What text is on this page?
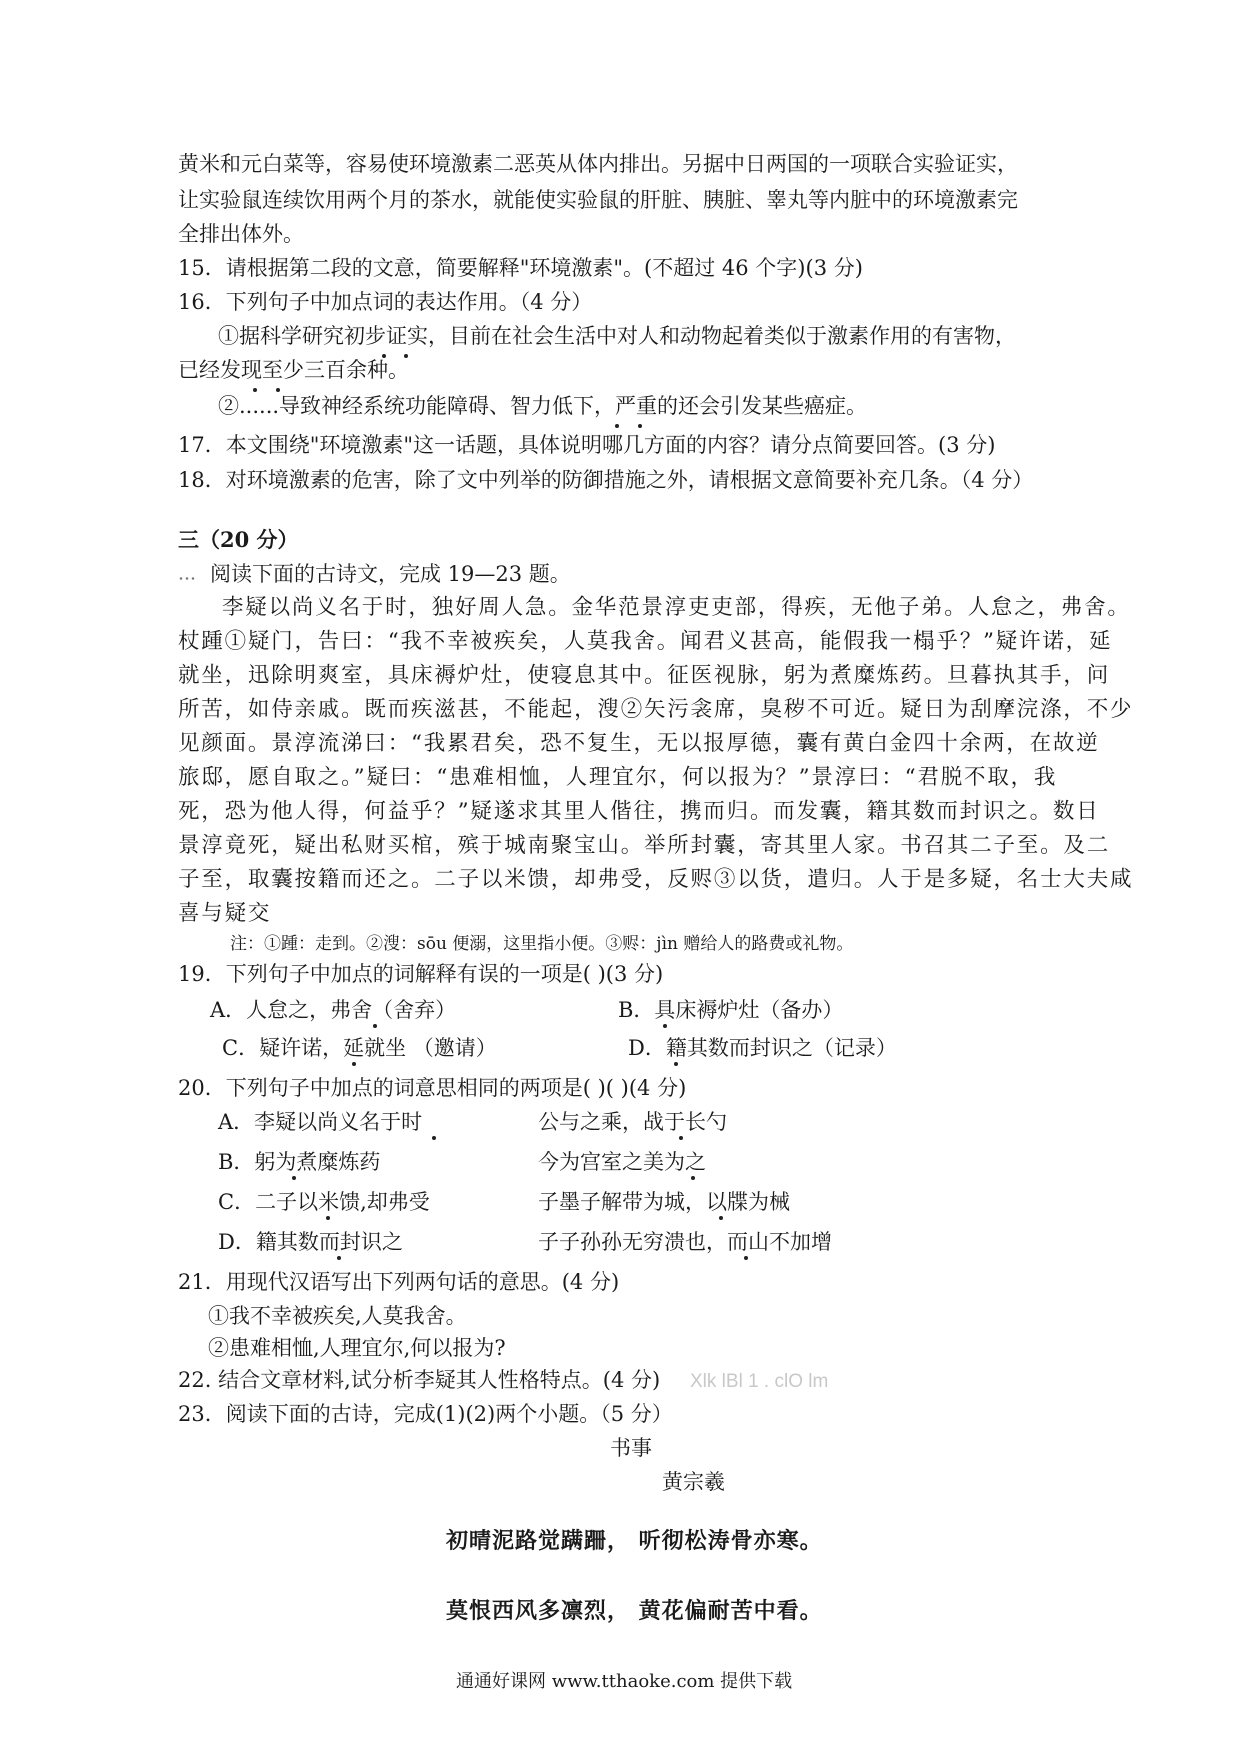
黄米和元白菜等，容易使环境激素二恶英从体内排出。另据中日两国的一项联合实验证实，
让实验鼠连续饮用两个月的茶水，就能使实验鼠的肝脏、胰脏、睾丸等内脏中的环境激素完
全排出体外。
15．请根据第二段的文意，简要解释"环境激素"。(不超过 46 个字)(3 分)
16．下列句子中加点词的表达作用。（4 分）
①据科学研究初步证实，目前在社会生活中对人和动物起着类似于激素作用的有害物，
已经发现至少三百余种。
②......导致神经系统功能障碍、智力低下，严重的还会引发某些癌症。
17．本文围绕"环境激素"这一话题，具体说明哪几方面的内容？请分点简要回答。(3 分)
18．对环境激素的危害，除了文中列举的防御措施之外，请根据文意简要补充几条。（4 分）
三（20 分）
阅读下面的古诗文，完成 19—23 题。
李疑以尚义名于时，独好周人急。金华范景淳吏吏部，得疾，无他子弟。人怠之，弗舍。
杖踵①疑门，告曰：“我不幸被疾矣，人莫我舍。闻君义甚高，能假我一榻乎？”疑许诺，延
就坐，迅除明爽室，具床褥炉灶，使寝息其中。征医视脉，躬为煮糜炼药。旦暮执其手，问
所苦，如侍亲戚。既而疾滋甚，不能起，溲②矢污衾席，臭秽不可近。疑日为刮摩浣涤，不少
见颜面。景淳流涕曰：“我累君矣，恐不复生，无以报厚德，囊有黄白金四十余两，在故逆
旅邸，愿自取之。”疑曰：“患难相恤，人理宜尔，何以报为？”景淳曰：“君脱不取，我
死，恐为他人得，何益乎？”疑遂求其里人偕往，携而归。而发囊，籍其数而封识之。数日
景淳竟死，疑出私财买棺，殡于城南聚宝山。举所封囊，寄其里人家。书召其二子至。及二
子至，取囊按籍而还之。二子以米馈，却弗受，反赆③以货，遣归。人于是多疑，名士大夫咸
喜与疑交
注：①踵：走到。②溲：sōu 便溺，这里指小便。③赆：jìn 赠给人的路费或礼物。
19．下列句子中加点的词解释有误的一项是( )(3 分)
A．人怠之，弗舍（舍弃）	B．具床褥炉灶（备办）
C．疑许诺，延就坐 （邀请）	D．籍其数而封识之（记录）
20．下列句子中加点的词意思相同的两项是( )( )(4 分)
A．李疑以尚义名于时	公与之乘，战于长勺
B．躬为煮糜炼药	今为宫室之美为之
C．二子以米馈,却弗受	子墨子解带为城，以牒为械
D．籍其数而封识之	子子孙孙无穷溃也，而山不加增
21．用现代汉语写出下列两句话的意思。(4 分)
①我不幸被疾矣,人莫我舍。
②患难相恤,人理宜尔,何以报为?
22. 结合文章材料,试分析李疑其人性格特点。(4 分) Xlk lBl 1 . clO lm
23．阅读下面的古诗，完成(1)(2)两个小题。（5 分）
书事
黄宗羲
初晴泥路觉蹒跚， 听彻松涛骨亦寒。
莫恨西风多凛烈， 黄花偏耐苦中看。
通通好课网 www.tthaoke.com 提供下载
